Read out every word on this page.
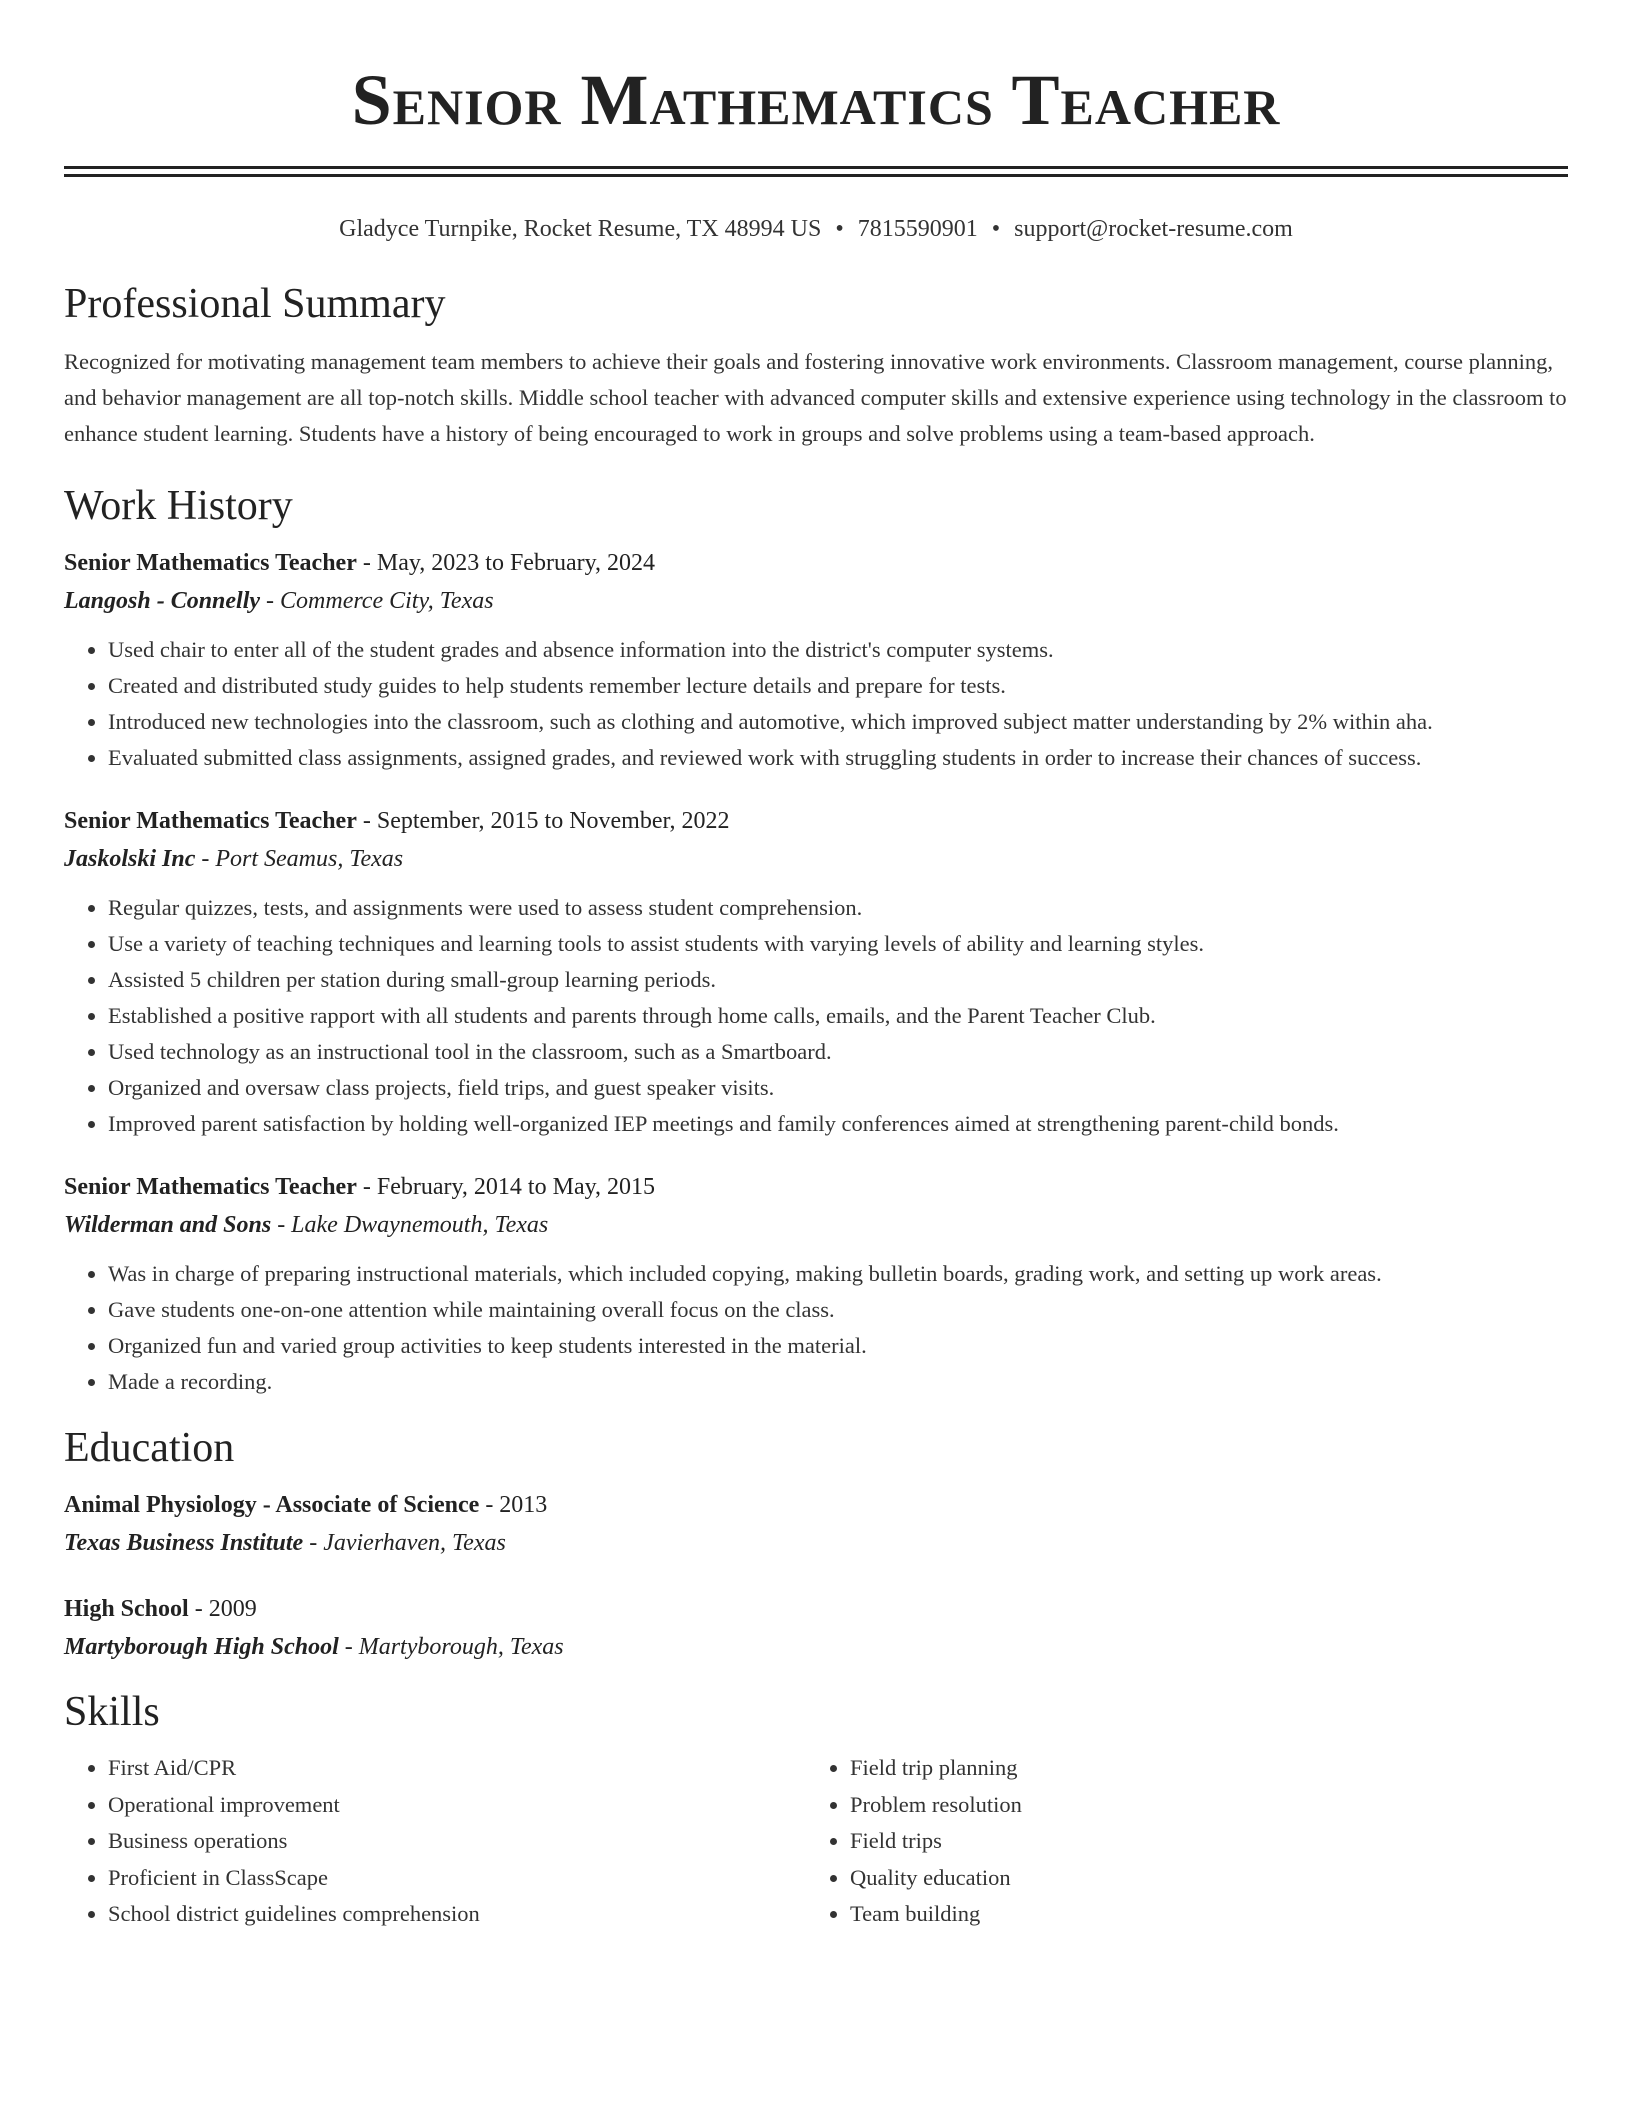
Senior Mathematics Teacher
Gladyce Turnpike, Rocket Resume, TX 48994 US • 7815590901 • support@rocket-resume.com
Professional Summary

Recognized for motivating management team members to achieve their goals and fostering innovative work environments. Classroom management, course planning, and behavior management are all top-notch skills. Middle school teacher with advanced computer skills and extensive experience using technology in the classroom to enhance student learning. Students have a history of being encouraged to work in groups and solve problems using a team-based approach.

Work History
Senior Mathematics Teacher - May, 2023 to February, 2024
Langosh - Connelly - Commerce City, Texas
• Used chair to enter all of the student grades and absence information into the district's computer systems.
• Created and distributed study guides to help students remember lecture details and prepare for tests.
• Introduced new technologies into the classroom, such as clothing and automotive, which improved subject matter understanding by 2% within aha.
• Evaluated submitted class assignments, assigned grades, and reviewed work with struggling students in order to increase their chances of success.
Senior Mathematics Teacher - September, 2015 to November, 2022
Jaskolski Inc - Port Seamus, Texas
• Regular quizzes, tests, and assignments were used to assess student comprehension.
• Use a variety of teaching techniques and learning tools to assist students with varying levels of ability and learning styles.
• Assisted 5 children per station during small-group learning periods.
• Established a positive rapport with all students and parents through home calls, emails, and the Parent Teacher Club.
• Used technology as an instructional tool in the classroom, such as a Smartboard.
• Organized and oversaw class projects, field trips, and guest speaker visits.
• Improved parent satisfaction by holding well-organized IEP meetings and family conferences aimed at strengthening parent-child bonds.
Senior Mathematics Teacher - February, 2014 to May, 2015
Wilderman and Sons - Lake Dwaynemouth, Texas
• Was in charge of preparing instructional materials, which included copying, making bulletin boards, grading work, and setting up work areas.
• Gave students one-on-one attention while maintaining overall focus on the class.
• Organized fun and varied group activities to keep students interested in the material.
• Made a recording.
Education
Animal Physiology - Associate of Science - 2013
Texas Business Institute - Javierhaven, Texas
High School - 2009
Martyborough High School - Martyborough, Texas
Skills
• First Aid/CPR
• Operational improvement
• Business operations
• Proficient in ClassScape
• School district guidelines comprehension
• Field trip planning
• Problem resolution
• Field trips
• Quality education
• Team building
